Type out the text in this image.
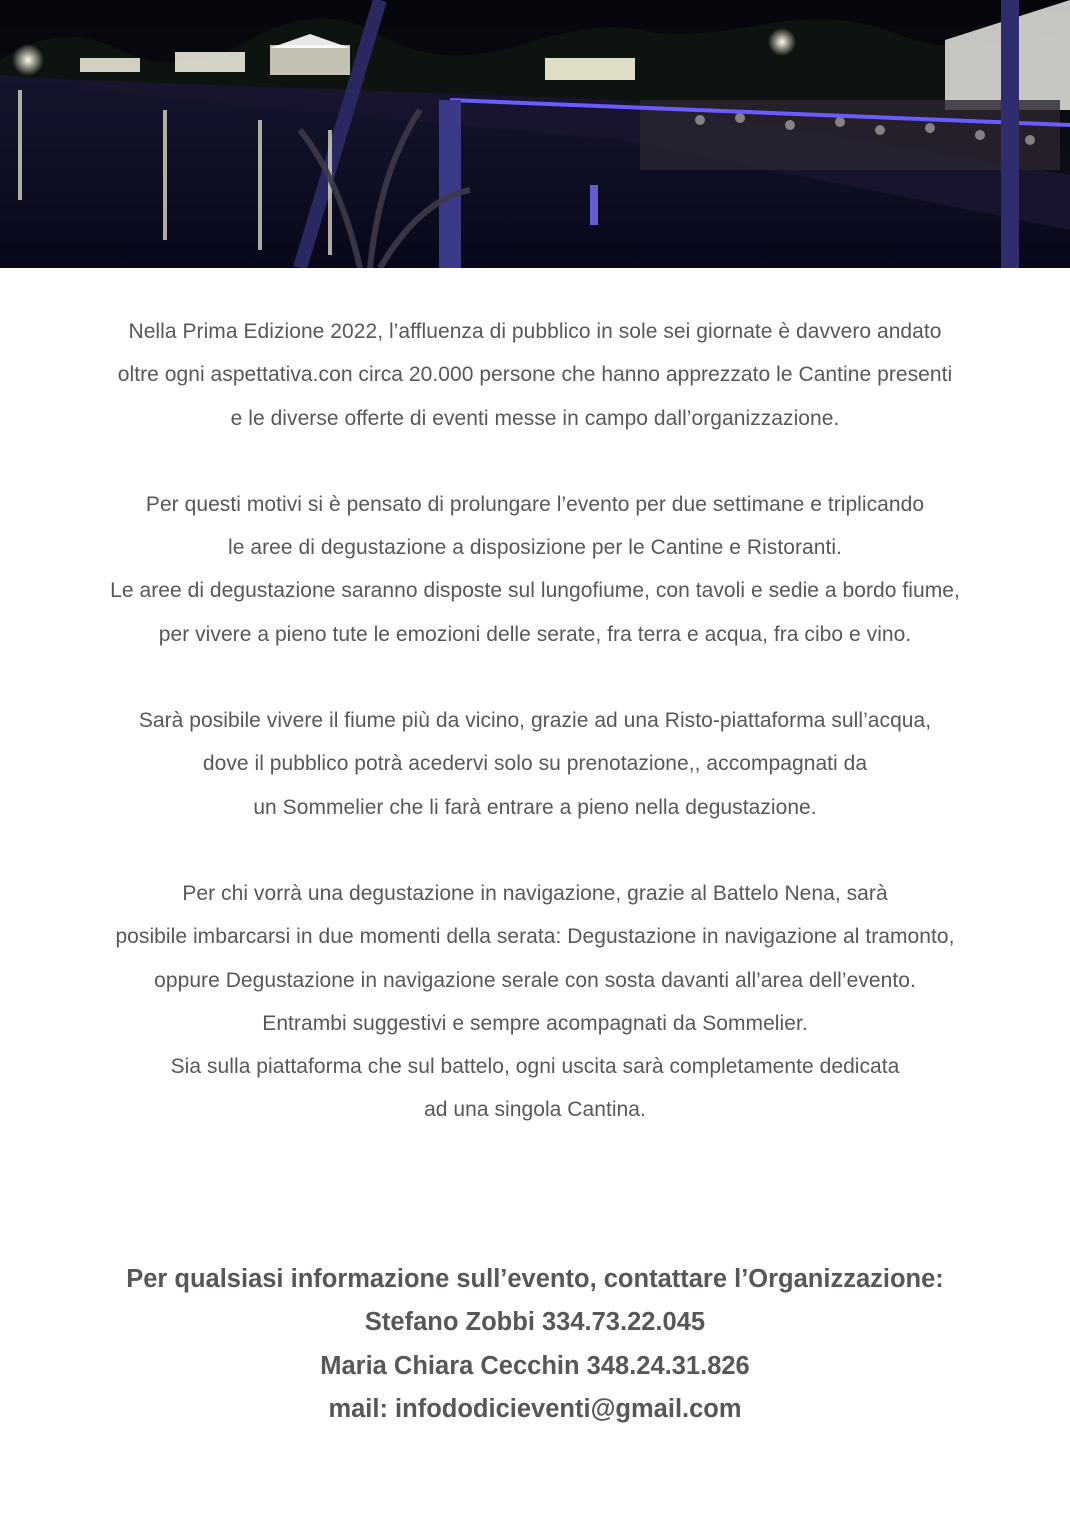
Nella Prima Edizione 2022, l’affluenza di pubblico in sole sei giornate è davvero andato

oltre ogni aspettativa.con circa 20.000 persone che hanno apprezzato le Cantine presenti

e le diverse offerte di eventi messe in campo dall’organizzazione.

Per questi motivi si è pensato di prolungare l’evento per due settimane e triplicando

le aree di degustazione a disposizione per le Cantine e Ristoranti.

Le aree di degustazione saranno disposte sul lungofiume, con tavoli e sedie a bordo fiume,

per vivere a pieno tute le emozioni delle serate, fra terra e acqua, fra cibo e vino.

Sarà posibile vivere il fiume più da vicino, grazie ad una Risto-piattaforma sull’acqua,

dove il pubblico potrà acedervi solo su prenotazione,, accompagnati da

un Sommelier che li farà entrare a pieno nella degustazione.

Per chi vorrà una degustazione in navigazione, grazie al Battelo Nena, sarà

posibile imbarcarsi in due momenti della serata: Degustazione in navigazione al tramonto,

oppure Degustazione in navigazione serale con sosta davanti all’area dell’evento.

Entrambi suggestivi e sempre acompagnati da Sommelier.

Sia sulla piattaforma che sul battelo, ogni uscita sarà completamente dedicata

ad una singola Cantina.

Per qualsiasi informazione sull’evento, contattare l’Organizzazione:

Stefano Zobbi 334.73.22.045

Maria Chiara Cecchin 348.24.31.826

mail: infododicieventi@gmail.com
